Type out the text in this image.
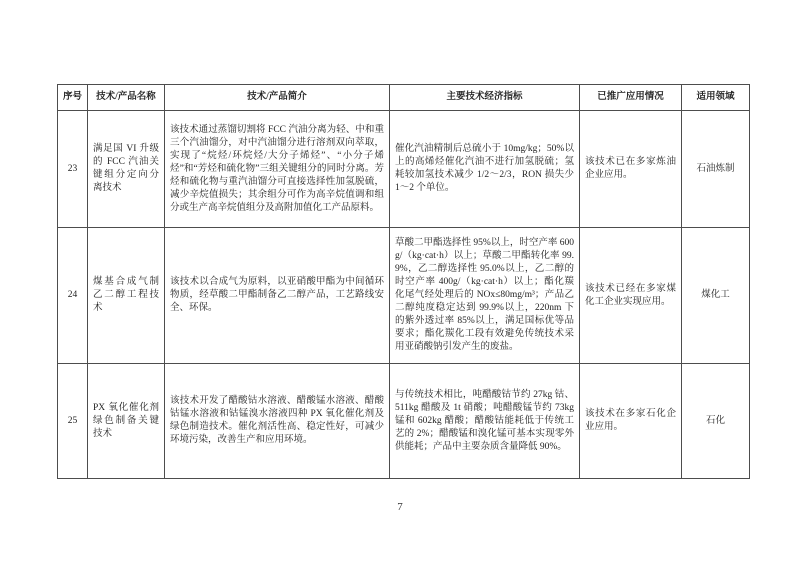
序号	技术/产品名称	技术/产品简介	主要技术经济指标	已推广应用情况	适用领域
23	满足国 VI 升级的 FCC 汽油关键组分定向分离技术	该技术通过蒸馏切割将 FCC 汽油分离为轻、中和重三个汽油馏分，对中汽油馏分进行溶剂双向萃取，实现了“烷烃/环烷烃/大分子烯烃”、“小分子烯烃”和“芳烃和硫化物”三组关键组分的同时分离。芳烃和硫化物与重汽油馏分可直接选择性加氢脱硫，减少辛烷值损失；其余组分可作为高辛烷值调和组分或生产高辛烷值组分及高附加值化工产品原料。	催化汽油精制后总硫小于 10mg/kg；50%以上的高烯烃催化汽油不进行加氢脱硫；氢耗较加氢技术减少 1/2～2/3，RON 损失少 1～2 个单位。	该技术已在多家炼油企业应用。	石油炼制
24	煤基合成气制乙二醇工程技术	该技术以合成气为原料，以亚硝酸甲酯为中间循环物质，经草酸二甲酯制备乙二醇产品，工艺路线安全、环保。	草酸二甲酯选择性 95%以上，时空产率 600g/（kg·cat·h）以上；草酸二甲酯转化率 99.9%，乙二醇选择性 95.0%以上，乙二醇的时空产率 400g/（kg·cat·h）以上；酯化羰化尾气经处理后的 NOx≤80mg/m³；产品乙二醇纯度稳定达到 99.9%以上，220nm 下的紫外透过率 85%以上，满足国标优等品要求；酯化羰化工段有效避免传统技术采用亚硝酸钠引发产生的废盐。	该技术已经在多家煤化工企业实现应用。	煤化工
25	PX 氧化催化剂绿色制备关键技术	该技术开发了醋酸钴水溶液、醋酸锰水溶液、醋酸钴锰水溶液和钴锰溴水溶液四种 PX 氧化催化剂及绿色制造技术。催化剂活性高、稳定性好，可减少环境污染，改善生产和应用环境。	与传统技术相比，吨醋酸钴节约 27kg 钴、511kg 醋酸及 1t 硝酸；吨醋酸锰节约 73kg 锰和 602kg 醋酸；醋酸钴能耗低于传统工艺的 2%；醋酸锰和溴化锰可基本实现零外供能耗；产品中主要杂质含量降低 90%。	该技术在多家石化企业应用。	石化
7
